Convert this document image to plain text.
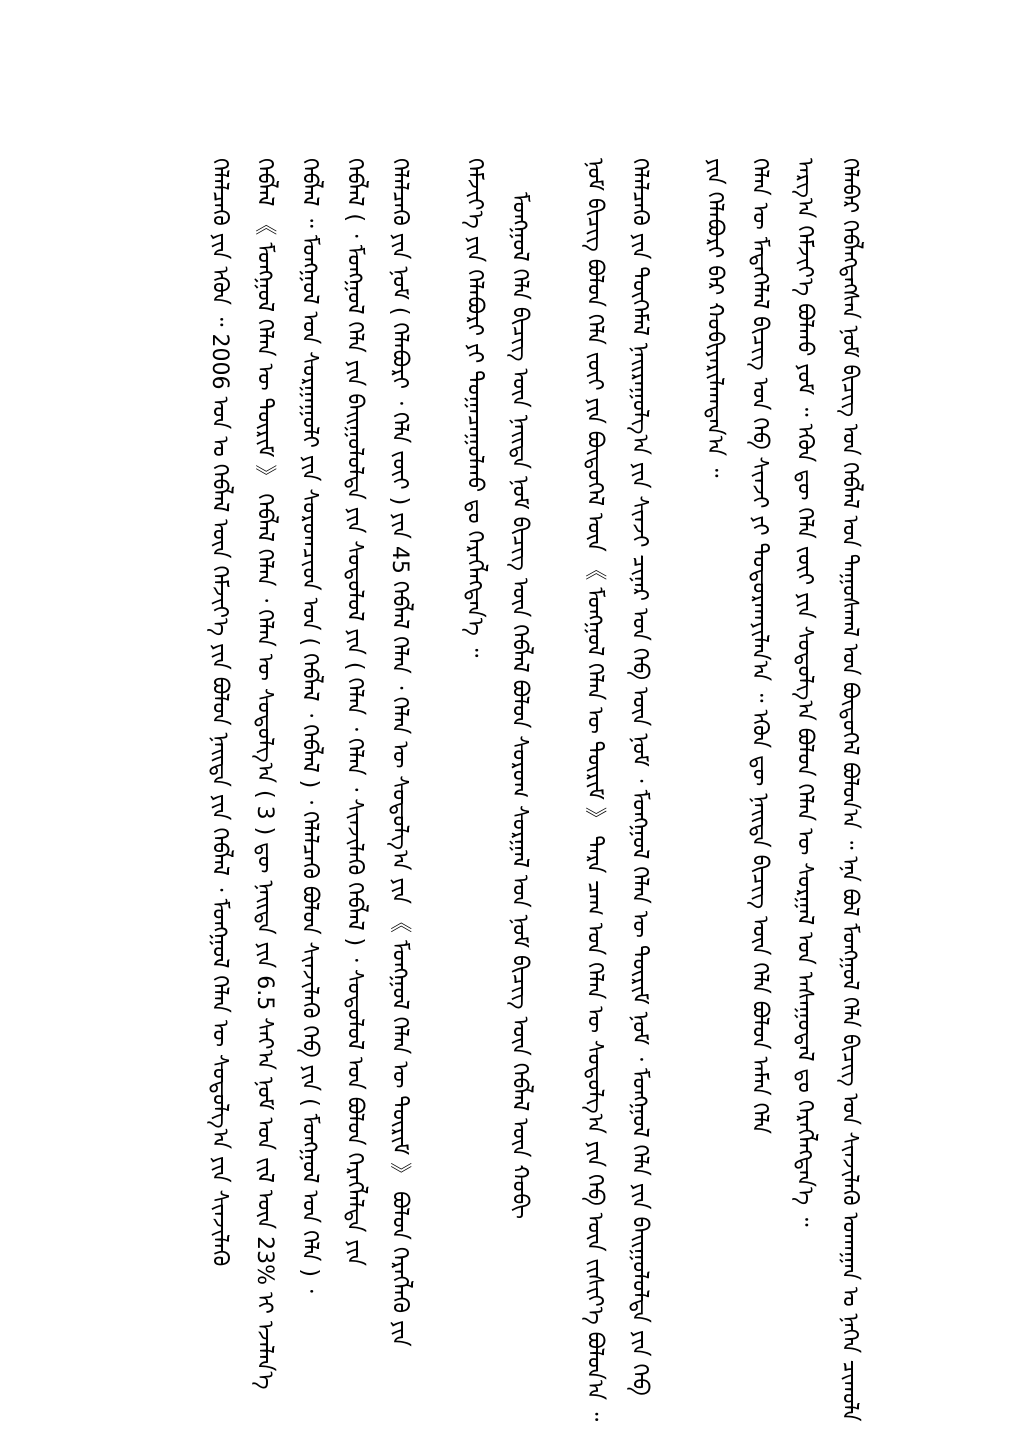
ᠬᠡᠯᠡᠪᠡᠷ ᠬᠡᠪᠯᠡᠭᠳᠡᠭᠰᠡᠨ ᠨᠣᠮ ᠪᠢᠴᠢᠭ ᠤᠨ ᠬᠡᠪᠯᠡᠯ ᠤᠨ ᠳᠠᠭᠤᠰᠭᠠᠯ ᠤᠨ ᠪᠦᠲᠦᠭᠡᠯ ᠪᠣᠯᠤᠨ᠎ᠠ ᠃ ᠡᠨᠡ ᠪᠣᠯ ᠮᠣᠩᠭᠣᠯ ᠬᠡᠯᠡ ᠪᠢᠴᠢᠭ ᠤᠨ ᠰᠢᠨᠵᠢᠯᠡᠬᠦ ᠤᠬᠠᠭᠠᠨ ᠤ ᠨᠡᠭᠡᠨ ᠴᠢᠬᠤᠯᠠ
ᠠᠷᠭ᠎ᠠ ᠬᠡᠮᠵᠢᠶ᠎ᠡ ᠪᠣᠯᠬᠤ ᠶᠤᠮ ᠃ ᠡᠭᠦᠨ ᠳᠦ ᠬᠡᠯᠡ ᠵᠦᠢ ᠶᠢᠨ ᠰᠤᠳᠤᠯᠭ᠎ᠠ ᠪᠣᠯᠤᠨ ᠬᠡᠯᠡᠨ ᠦ ᠰᠤᠷᠭᠠᠯ ᠤᠨ ᠠᠰᠠᠭᠤᠳᠠᠯ ᠳᠤ ᠬᠡᠷᠡᠭᠯᠡᠭᠳᠡᠨ᠎ᠡ ᠃
ᠬᠡᠯᠡᠨ ᠦ ᠮᠡᠳᠡᠭᠡᠯᠡᠯ ᠪᠢᠴᠢᠭ ᠤᠨ ᠬᠡᠪ ᠰᠢᠨᠵᠢ ᠶᠢ ᠲᠣᠳᠣᠷᠬᠠᠶᠢᠯᠠᠨ᠎ᠠ ᠃ ᠡᠭᠦᠨ ᠳᠦ ᠨᠡᠢᠲᠡ ᠪᠢᠴᠢᠭ ᠦᠨ ᠬᠡᠯᠡ ᠪᠣᠯᠤᠨ ᠠᠮᠠᠨ ᠬᠡᠯᠡ
ᠶᠢᠨ ᠬᠡᠯᠡᠪᠦᠷᠢ ᠪᠠᠷ ᠬᠤᠪᠢᠶᠠᠷᠢᠯᠠᠭᠳᠠᠨ᠎ᠠ ᠃
ᠬᠡᠯᠡᠯᠴᠡᠬᠦ ᠶᠢᠨ ᠲᠥᠭᠡᠮᠡᠯ ᠨᠠᠢᠷᠠᠭᠤᠯᠭ᠎ᠠ ᠶᠢᠨ ᠰᠢᠨᠵᠢ ᠴᠢᠨᠠᠷ ᠤᠨ ᠬᠡᠪ ᠦᠨ ᠨᠣᠮ ᠂ ᠮᠣᠩᠭᠣᠯ ᠬᠡᠯᠡᠨ ᠦ ᠳᠦᠷᠢᠮ ᠨᠣᠮ ᠂ ᠮᠣᠩᠭᠣᠯ ᠬᠡᠯᠡ ᠶᠢᠨ ᠪᠠᠢᠭᠤᠯᠤᠯᠲᠠ ᠶᠢᠨ ᠬᠡᠪ
ᠨᠣᠮ ᠪᠢᠴᠢᠭ ᠪᠣᠯᠤᠨ ᠬᠡᠯᠡ ᠵᠦᠢ ᠶᠢᠨ ᠪᠦᠲᠦᠭᠡᠯ ᠦᠨ 《 ᠮᠣᠩᠭᠣᠯ ᠬᠡᠯᠡᠨ ᠦ ᠳᠦᠷᠢᠮ 》 ᠲᠡᠷᠡ ᠴᠠᠭ ᠤᠨ ᠬᠡᠯᠡᠨ ᠦ ᠰᠤᠳᠤᠯᠭ᠎ᠠ ᠶᠢᠨ ᠬᠡᠪ ᠦᠨ ᠵᠢᠱᠢᠶ᠎ᠡ ᠪᠣᠯᠤᠨ᠎ᠠ ᠃
ᠮᠣᠩᠭᠣᠯ ᠬᠡᠯᠡ ᠪᠢᠴᠢᠭ ᠦᠨ ᠨᠡᠢᠲᠡ ᠨᠣᠮ ᠪᠢᠴᠢᠭ ᠦᠨ ᠬᠡᠪᠯᠡᠯ ᠪᠣᠯᠤᠨ ᠰᠤᠷᠤᠭ ᠰᠤᠷᠭᠠᠯ ᠤᠨ ᠨᠣᠮ ᠪᠢᠴᠢᠭ ᠦᠨ ᠬᠡᠪᠯᠡᠯ ᠦᠨ ᠬᠤᠪᠢ
ᠬᠡᠮᠵᠢᠶ᠎ᠡ ᠶᠢᠨ ᠬᠡᠯᠡᠪᠦᠷᠢ ᠶᠢ ᠲᠣᠭᠠᠴᠠᠭᠤᠯᠬᠤ ᠳᠤ ᠬᠡᠷᠡᠭᠯᠡᠭᠳᠡᠨ᠎ᠡ ᠃
ᠬᠡᠯᠡᠯᠴᠡᠬᠦ ᠶᠢᠨ ᠨᠣᠮ ( ᠬᠡᠯᠡᠪᠦᠷᠢ ᠂ ᠬᠡᠯᠡ ᠵᠦᠢ ) ᠶᠢᠨ 45 ᠬᠡᠪᠯᠡᠯ ᠬᠡᠯᠡᠨ ᠂ ᠬᠡᠯᠡᠨ ᠦ ᠰᠤᠳᠤᠯᠭ᠎ᠠ ᠶᠢᠨ 《 ᠮᠣᠩᠭᠣᠯ ᠬᠡᠯᠡᠨ ᠦ ᠳᠦᠷᠢᠮ 》 ᠪᠣᠯᠤᠨ ᠬᠡᠷᠡᠭᠯᠡᠬᠦ ᠶᠢᠨ
ᠬᠡᠪᠯᠡᠯ ( ᠂ ᠮᠣᠩᠭᠣᠯ ᠬᠡᠯᠡ ᠶᠢᠨ ᠪᠠᠢᠭᠤᠯᠤᠯᠲᠠ ᠶᠢᠨ ᠰᠤᠳᠤᠯᠤᠯ ᠶᠢᠨ ( ᠬᠡᠯᠡᠨ ᠂ ᠬᠡᠯᠡᠨ ᠂ ᠰᠢᠨᠵᠢᠯᠡᠬᠦ ᠬᠡᠪᠯᠡᠯ ) ᠂ ᠰᠤᠳᠤᠯᠤᠯ ᠤᠨ ᠪᠣᠯᠤᠨ ᠬᠡᠷᠡᠭᠯᠡᠯᠲᠡ ᠶᠢᠨ
ᠬᠡᠪᠯᠡᠯ ᠃ ᠮᠣᠩᠭᠣᠯ ᠤᠨ ᠰᠤᠷᠭᠠᠭᠤᠯᠢ ᠶᠢᠨ ᠰᠤᠷᠤᠭᠴᠢᠳ ᠤᠨ ( ᠬᠡᠪᠯᠡᠯ ᠂ ᠬᠡᠪᠯᠡᠯ ) ᠂ ᠬᠡᠯᠡᠯᠴᠡᠬᠦ ᠪᠣᠯᠤᠨ ᠰᠢᠨᠵᠢᠯᠡᠬᠦ ᠬᠡᠪ ᠶᠢᠨ ( ᠮᠣᠩᠭᠣᠯ ᠤᠨ ᠬᠡᠯᠡ ) ᠂
ᠬᠡᠪᠯᠡᠯ 《 ᠮᠣᠩᠭᠣᠯ ᠬᠡᠯᠡᠨ ᠦ ᠳᠦᠷᠢᠮ 》 ᠬᠡᠪᠯᠡᠯ ᠬᠡᠯᠡᠨ ᠂ ᠬᠡᠯᠡᠨ ᠦ ᠰᠤᠳᠤᠯᠭ᠎ᠠ ( 3 ) ᠳᠦ ᠨᠡᠢᠲᠡ ᠶᠢᠨ 6.5 ᠰᠠᠶ᠎ᠠ ᠨᠣᠮ ᠤᠨ ᠵᠢᠯ ᠦᠨ 23% ᠢ ᠡᠵᠡᠯᠡᠨ᠎ᠡ
ᠬᠡᠯᠡᠯᠴᠡᠬᠦ ᠶᠢᠨ ᠡᠭᠦᠨ ᠃ 2006 ᠣᠨ ᠤ ᠬᠡᠪᠯᠡᠯ ᠦᠨ ᠬᠡᠮᠵᠢᠶ᠎ᠡ ᠶᠢᠨ ᠪᠣᠯᠤᠨ ᠨᠡᠢᠲᠡ ᠶᠢᠨ ᠬᠡᠪᠯᠡᠯ ᠂ ᠮᠣᠩᠭᠣᠯ ᠬᠡᠯᠡᠨ ᠦ ᠰᠤᠳᠤᠯᠭ᠎ᠠ ᠶᠢᠨ ᠰᠢᠨᠵᠢᠯᠡᠬᠦ
